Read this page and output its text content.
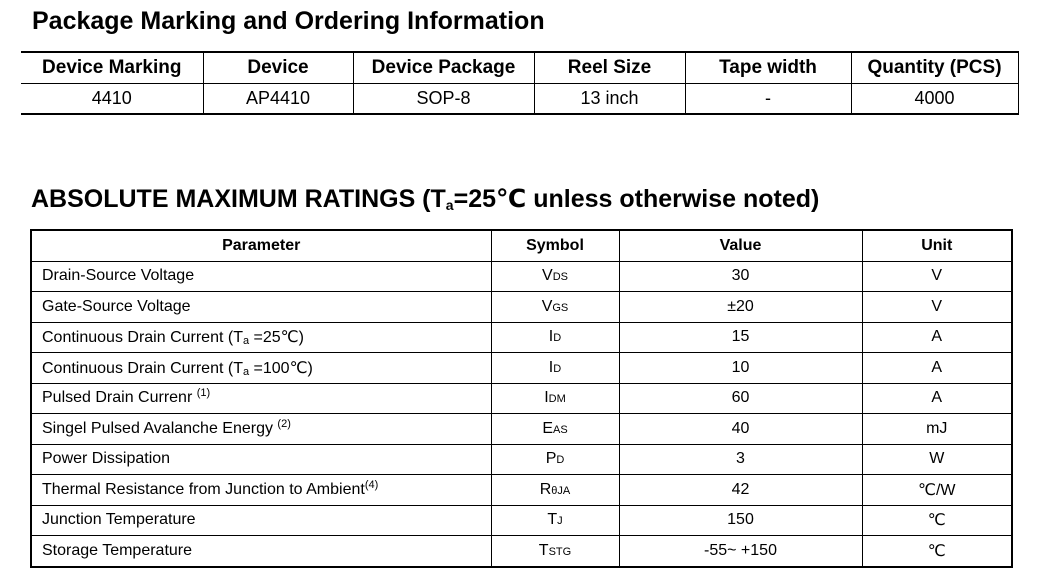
Package Marking and Ordering Information
Device Marking	Device	Device Package	Reel Size	Tape width	Quantity (PCS)
4410	AP4410	SOP-8	13 inch	-	4000
ABSOLUTE MAXIMUM RATINGS ($T_a=25℃$ unless otherwise noted)
Parameter	Symbol	Value	Unit
Drain-Source Voltage	VDS	30	V
Gate-Source Voltage	VGS	±20	V
Continuous Drain Current ($T_a$ =25℃)	ID	15	A
Continuous Drain Current ($T_a$ =100℃)	ID	10	A
Pulsed Drain Currenr $^{(1)}$	IDM	60	A
Singel Pulsed Avalanche Energy $^{(2)}$	EAS	40	mJ
Power Dissipation	PD	3	W
Thermal Resistance from Junction to Ambient$^{(4)}$	RθJA	42	℃/W
Junction Temperature	TJ	150	℃
Storage Temperature	TSTG	-55~ +150	℃
